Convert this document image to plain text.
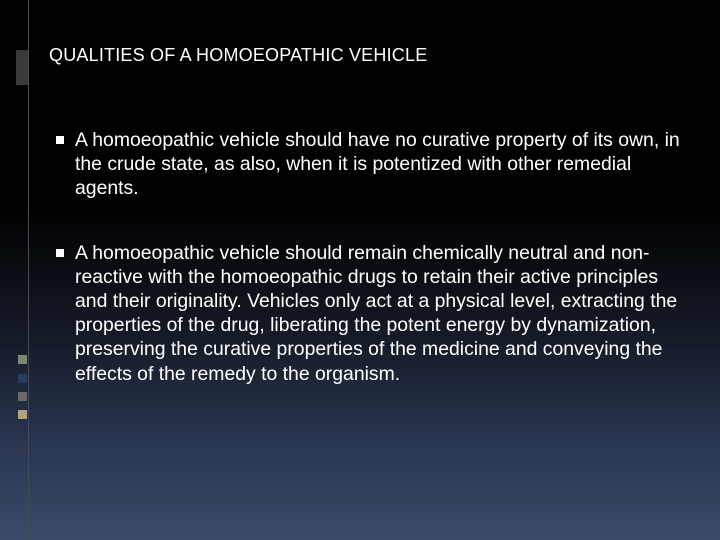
QUALITIES OF A HOMOEOPATHIC VEHICLE
A homoeopathic vehicle should have no curative property of its own, in the crude state, as also, when it is potentized with other remedial agents.
A homoeopathic vehicle should remain chemically neutral and non-reactive with the homoeopathic drugs to retain their active principles and their originality. Vehicles only act at a physical level, extracting the properties of the drug, liberating the potent energy by dynamization, preserving the curative properties of the medicine and conveying the effects of the remedy to the organism.
